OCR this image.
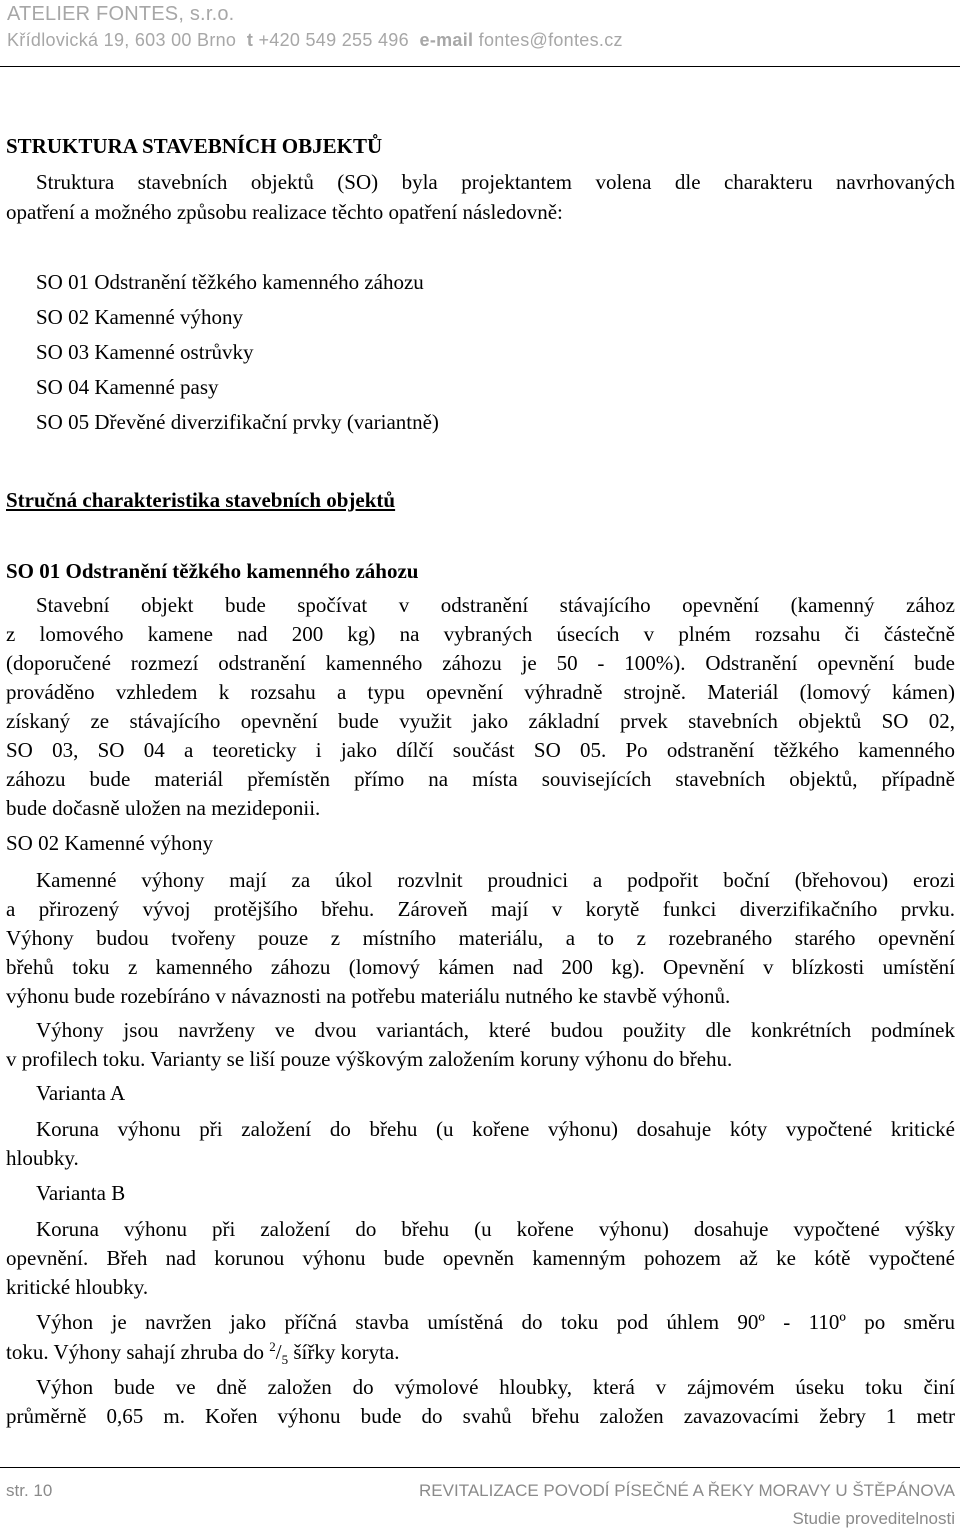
ATELIER FONTES, s.r.o.
Křídlovická 19, 603 00 Brno t +420 549 255 496 e-mail fontes@fontes.cz
STRUKTURA STAVEBNÍCH OBJEKTŮ
Struktura stavebních objektů (SO) byla projektantem volena dle charakteru navrhovaných
opatření a možného způsobu realizace těchto opatření následovně:
SO 01 Odstranění těžkého kamenného záhozu
SO 02 Kamenné výhony
SO 03 Kamenné ostrůvky
SO 04 Kamenné pasy
SO 05 Dřevěné diverzifikační prvky (variantně)
Stručná charakteristika stavebních objektů
SO 01 Odstranění těžkého kamenného záhozu
Stavební objekt bude spočívat v odstranění stávajícího opevnění (kamenný zához
z lomového kamene nad 200 kg) na vybraných úsecích v plném rozsahu či částečně
(doporučené rozmezí odstranění kamenného záhozu je 50 - 100%). Odstranění opevnění bude
prováděno vzhledem k rozsahu a typu opevnění výhradně strojně. Materiál (lomový kámen)
získaný ze stávajícího opevnění bude využit jako základní prvek stavebních objektů SO 02,
SO 03, SO 04 a teoreticky i jako dílčí součást SO 05. Po odstranění těžkého kamenného
záhozu bude materiál přemístěn přímo na místa souvisejících stavebních objektů, případně
bude dočasně uložen na mezideponii.
SO 02 Kamenné výhony
Kamenné výhony mají za úkol rozvlnit proudnici a podpořit boční (břehovou) erozi
a přirozený vývoj protějšího břehu. Zároveň mají v korytě funkci diverzifikačního prvku.
Výhony budou tvořeny pouze z místního materiálu, a to z rozebraného starého opevnění
břehů toku z kamenného záhozu (lomový kámen nad 200 kg). Opevnění v blízkosti umístění
výhonu bude rozebíráno v návaznosti na potřebu materiálu nutného ke stavbě výhonů.
Výhony jsou navrženy ve dvou variantách, které budou použity dle konkrétních podmínek
v profilech toku. Varianty se liší pouze výškovým založením koruny výhonu do břehu.
Varianta A
Koruna výhonu při založení do břehu (u kořene výhonu) dosahuje kóty vypočtené kritické
hloubky.
Varianta B
Koruna výhonu při založení do břehu (u kořene výhonu) dosahuje vypočtené výšky
opevnění. Břeh nad korunou výhonu bude opevněn kamenným pohozem až ke kótě vypočtené
kritické hloubky.
Výhon je navržen jako příčná stavba umístěná do toku pod úhlem 90º - 110º po směru
toku. Výhony sahají zhruba do $^2/_5$ šířky koryta.
Výhon bude ve dně založen do výmolové hloubky, která v zájmovém úseku toku činí
průměrně 0,65 m. Kořen výhonu bude do svahů břehu založen zavazovacími žebry 1 metr
str. 10	REVITALIZACE POVODÍ PÍSEČNÉ A ŘEKY MORAVY U ŠTĚPÁNOVA
Studie proveditelnosti
